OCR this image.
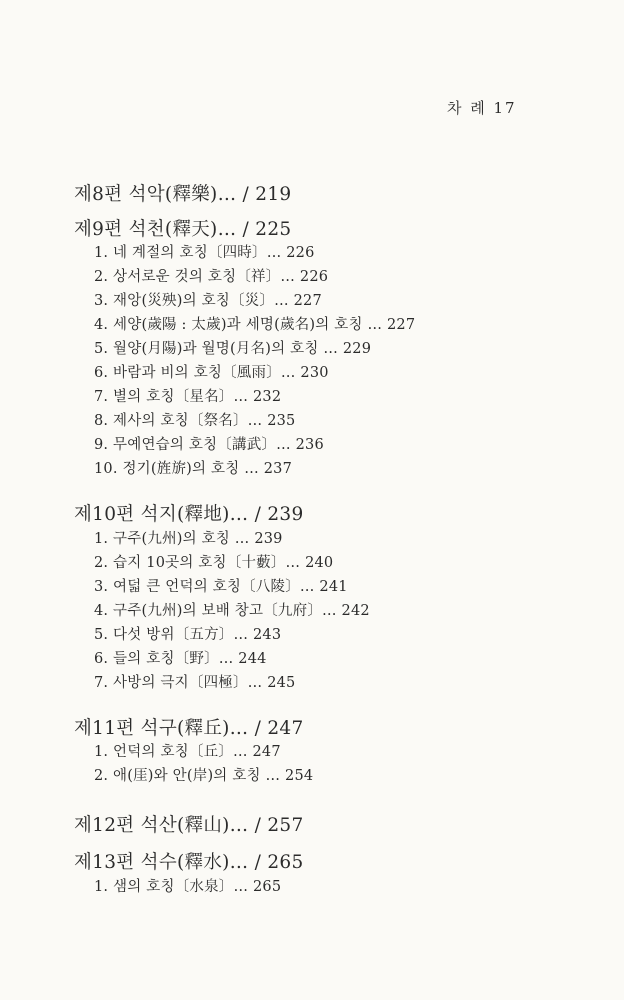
차 례 17
제8편 석악(釋樂)… / 219
제9편 석천(釋天)… / 225
1. 네 계절의 호칭〔四時〕… 226
2. 상서로운 것의 호칭〔祥〕… 226
3. 재앙(災殃)의 호칭〔災〕… 227
4. 세양(歲陽 : 太歲)과 세명(歲名)의 호칭 … 227
5. 월양(月陽)과 월명(月名)의 호칭 … 229
6. 바람과 비의 호칭〔風雨〕… 230
7. 별의 호칭〔星名〕… 232
8. 제사의 호칭〔祭名〕… 235
9. 무예연습의 호칭〔講武〕… 236
10. 정기(旌旂)의 호칭 … 237
제10편 석지(釋地)… / 239
1. 구주(九州)의 호칭 … 239
2. 습지 10곳의 호칭〔十藪〕… 240
3. 여덟 큰 언덕의 호칭〔八陵〕… 241
4. 구주(九州)의 보배 창고〔九府〕… 242
5. 다섯 방위〔五方〕… 243
6. 들의 호칭〔野〕… 244
7. 사방의 극지〔四極〕… 245
제11편 석구(釋丘)… / 247
1. 언덕의 호칭〔丘〕… 247
2. 애(厓)와 안(岸)의 호칭 … 254
제12편 석산(釋山)… / 257
제13편 석수(釋水)… / 265
1. 샘의 호칭〔水泉〕… 265
